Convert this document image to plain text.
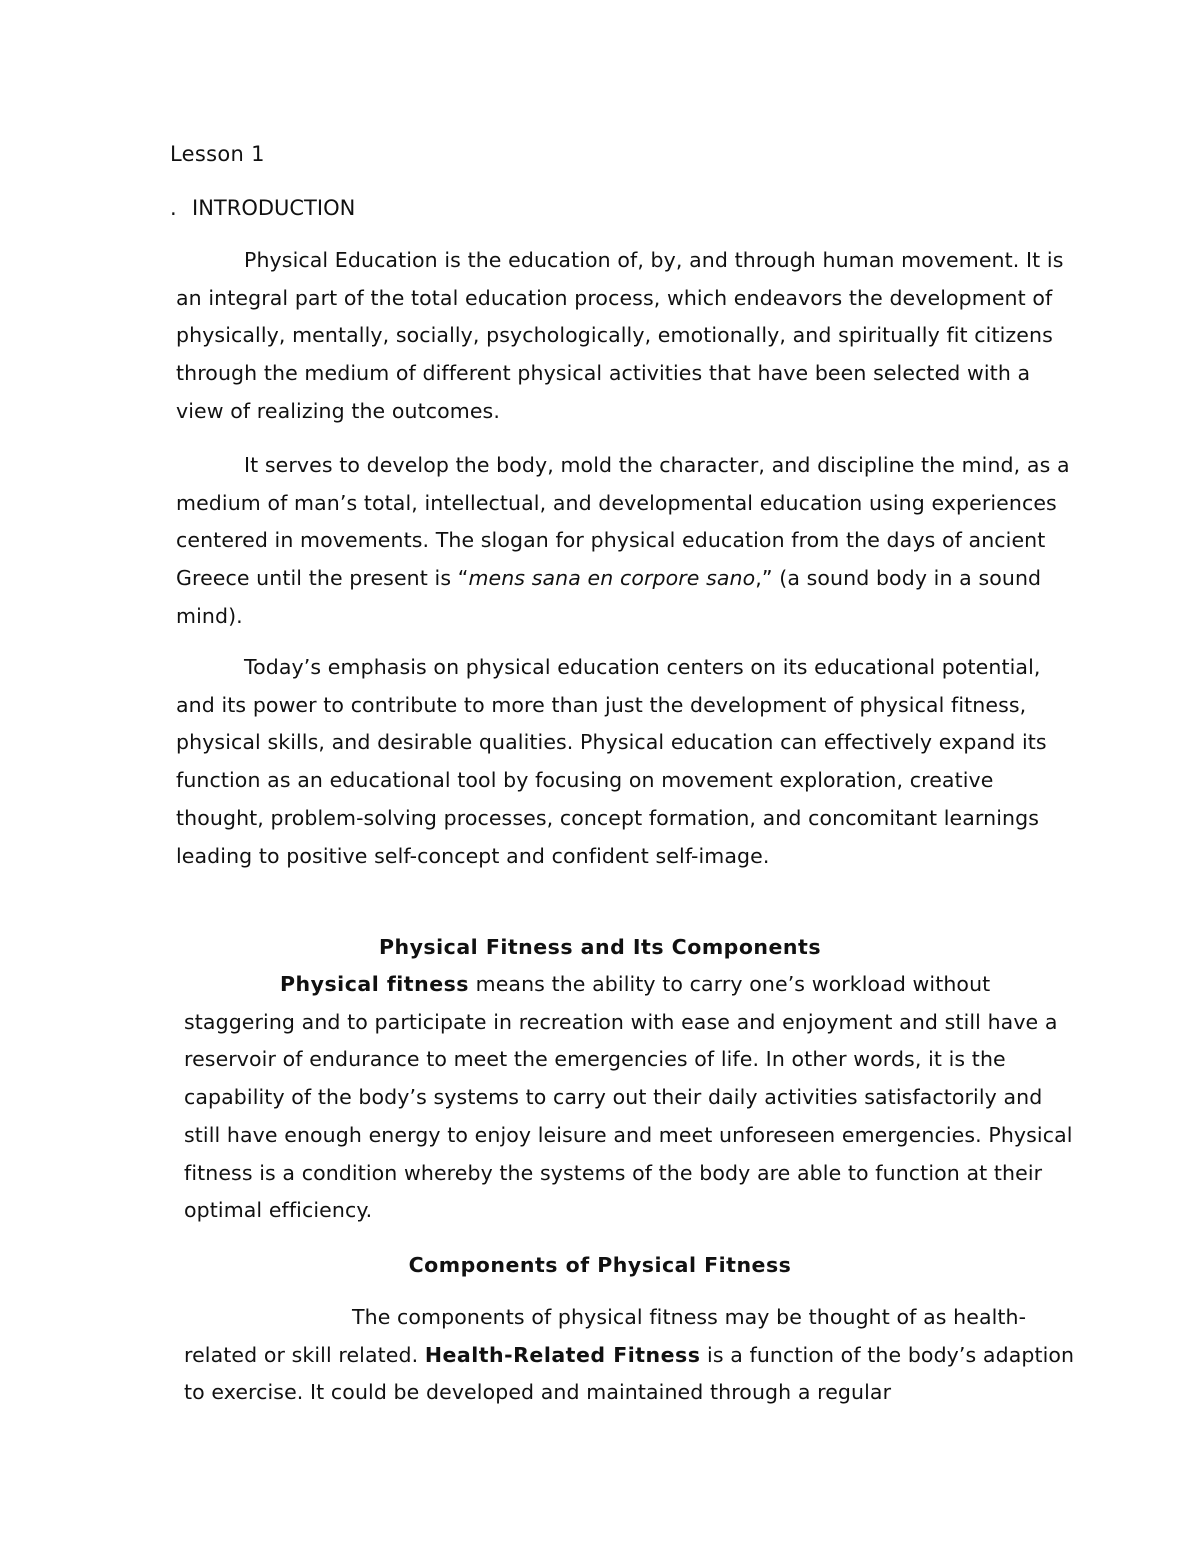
Lesson 1
. INTRODUCTION

Physical Education is the education of, by, and through human movement. It is an integral part of the total education process, which endeavors the development of physically, mentally, socially, psychologically, emotionally, and spiritually fit citizens through the medium of different physical activities that have been selected with a view of realizing the outcomes.

It serves to develop the body, mold the character, and discipline the mind, as a medium of man’s total, intellectual, and developmental education using experiences centered in movements. The slogan for physical education from the days of ancient Greece until the present is “mens sana en corpore sano,” (a sound body in a sound mind).

Today’s emphasis on physical education centers on its educational potential, and its power to contribute to more than just the development of physical fitness, physical skills, and desirable qualities. Physical education can effectively expand its function as an educational tool by focusing on movement exploration, creative thought, problem-solving processes, concept formation, and concomitant learnings leading to positive self-concept and confident self-image.

Physical Fitness and Its Components

Physical fitness means the ability to carry one’s workload without staggering and to participate in recreation with ease and enjoyment and still have a reservoir of endurance to meet the emergencies of life. In other words, it is the capability of the body’s systems to carry out their daily activities satisfactorily and still have enough energy to enjoy leisure and meet unforeseen emergencies. Physical fitness is a condition whereby the systems of the body are able to function at their optimal efficiency.

Components of Physical Fitness

The components of physical fitness may be thought of as health-related or skill related. Health-Related Fitness is a function of the body’s adaption to exercise. It could be developed and maintained through a regular
